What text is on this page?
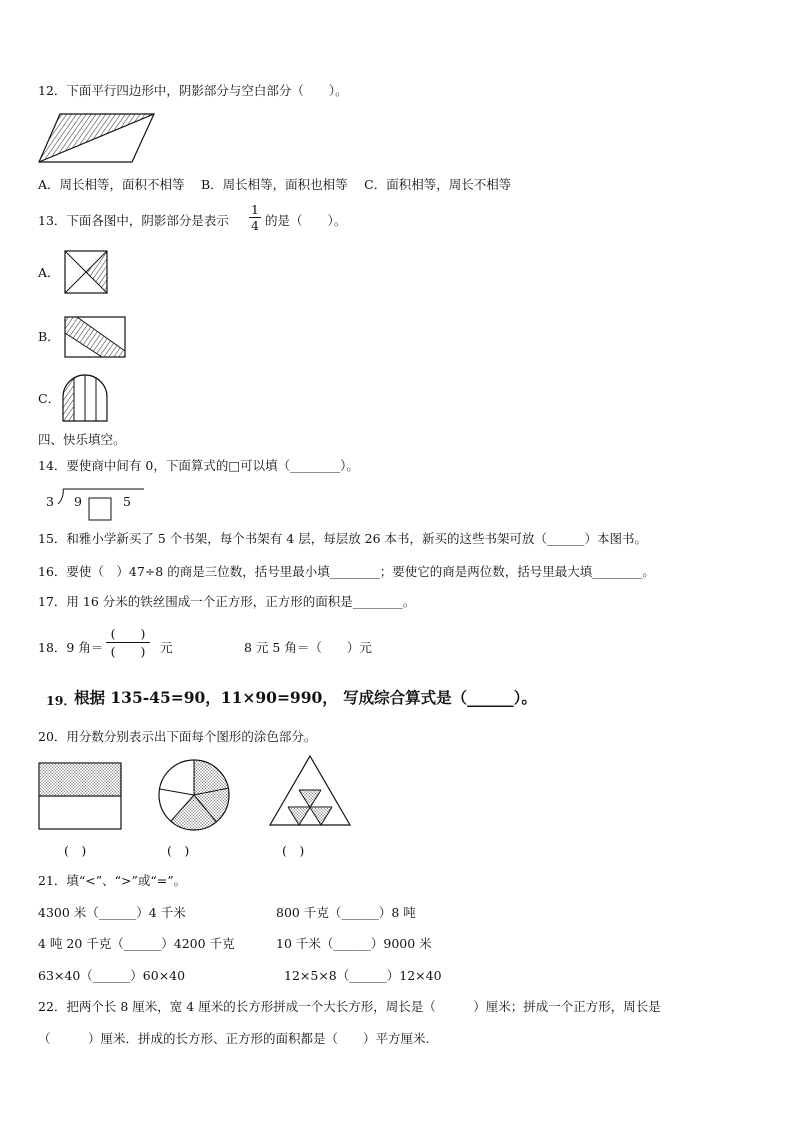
12．下面平行四边形中，阴影部分与空白部分（　　）。
A．周长相等，面积不相等　 B．周长相等，面积也相等　 C．面积相等，周长不相等
13．下面各图中，阴影部分是表示
1
4 的是（　　）。
A．
B．
C．
四、快乐填空。
14．要使商中间有 0，下面算式的□可以填（________）。
3 9	5
15．和雅小学新买了 5 个书架，每个书架有 4 层，每层放 26 本书，新买的这些书架可放（______）本图书。
16．要使（　）47÷8 的商是三位数，括号里最小填________；要使它的商是两位数，括号里最大填________。
17．用 16 分米的铁丝围成一个正方形，正方形的面积是________。
18．9 角＝
(　　)
(　　)	元	8 元 5 角＝（　　）元
19．
根据 135-45=90，11×90=990， 写成综合算式是（______）。
20．用分数分别表示出下面每个图形的涂色部分。
(　)	(　)	(　)
21．填“<”、“>”或“=”。
4300 米（______）4 千米	800 千克（______）8 吨
4 吨 20 千克（______）4200 千克	10 千米（______）9000 米
63×40（______）60×40	12×5×8（______）12×40
22．把两个长 8 厘米，宽 4 厘米的长方形拼成一个大长方形，周长是（　　　）厘米；拼成一个正方形，周长是
（　　　）厘米．拼成的长方形、正方形的面积都是（　　）平方厘米.
